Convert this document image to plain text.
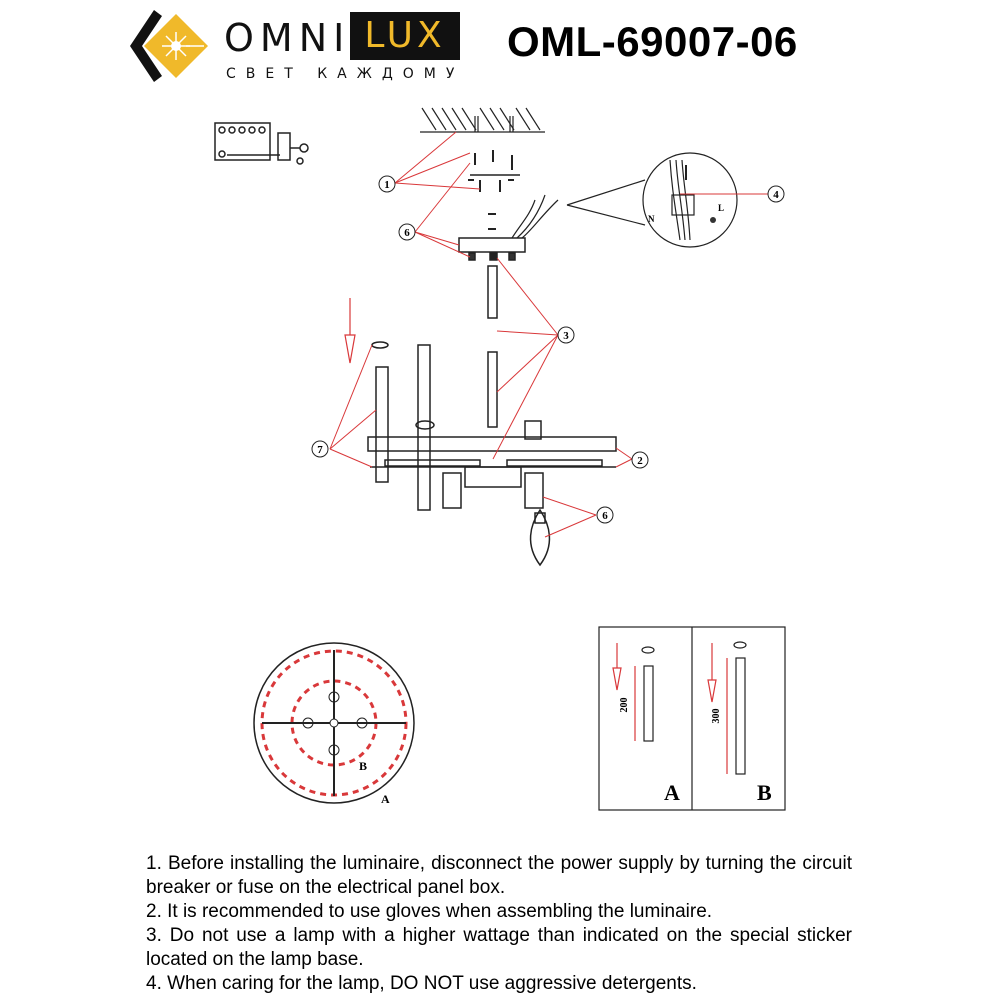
OMNI LUX
СВЕТ КАЖДОМУ
OML-69007-06
N
L
1
2
3
4
6
6
7
B
A
200
300
A	B

1. Before installing the luminaire, disconnect the power supply by turning the circuit breaker or fuse on the electrical panel box.

2. It is recommended to use gloves when assembling the luminaire.

3. Do not use a lamp with a higher wattage than indicated on the special sticker located on the lamp base.

4. When caring for the lamp, DO NOT use aggressive detergents.
